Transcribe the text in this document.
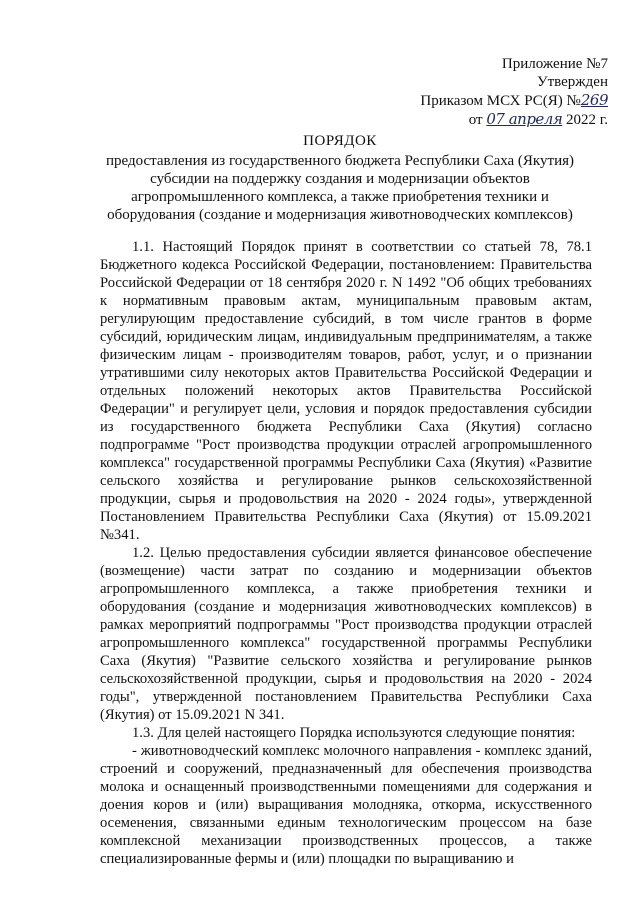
Приложение №7
Утвержден
Приказом МСХ РС(Я) №269
от 07 апреля 2022 г.
ПОРЯДОК
предоставления из государственного бюджета Республики Саха (Якутия) субсидии на поддержку создания и модернизации объектов агропромышленного комплекса, а также приобретения техники и оборудования (создание и модернизация животноводческих комплексов)

1.1. Настоящий Порядок принят в соответствии со статьей 78, 78.1 Бюджетного кодекса Российской Федерации, постановлением: Правительства Российской Федерации от 18 сентября 2020 г. N 1492 "Об общих требованиях к нормативным правовым актам, муниципальным правовым актам, регулирующим предоставление субсидий, в том числе грантов в форме субсидий, юридическим лицам, индивидуальным предпринимателям, а также физическим лицам - производителям товаров, работ, услуг, и о признании утратившими силу некоторых актов Правительства Российской Федерации и отдельных положений некоторых актов Правительства Российской Федерации" и регулирует цели, условия и порядок предоставления субсидии из государственного бюджета Республики Саха (Якутия) согласно подпрограмме "Рост производства продукции отраслей агропромышленного комплекса" государственной программы Республики Саха (Якутия) «Развитие сельского хозяйства и регулирование рынков сельскохозяйственной продукции, сырья и продовольствия на 2020 - 2024 годы», утвержденной Постановлением Правительства Республики Саха (Якутия) от 15.09.2021 №341.

1.2. Целью предоставления субсидии является финансовое обеспечение (возмещение) части затрат по созданию и модернизации объектов агропромышленного комплекса, а также приобретения техники и оборудования (создание и модернизация животноводческих комплексов) в рамках мероприятий подпрограммы "Рост производства продукции отраслей агропромышленного комплекса" государственной программы Республики Саха (Якутия) "Развитие сельского хозяйства и регулирование рынков сельскохозяйственной продукции, сырья и продовольствия на 2020 - 2024 годы", утвержденной постановлением Правительства Республики Саха (Якутия) от 15.09.2021 N 341.

1.3. Для целей настоящего Порядка используются следующие понятия:

- животноводческий комплекс молочного направления - комплекс зданий, строений и сооружений, предназначенный для обеспечения производства молока и оснащенный производственными помещениями для содержания и доения коров и (или) выращивания молодняка, откорма, искусственного осеменения, связанными единым технологическим процессом на базе комплексной механизации производственных процессов, а также специализированные фермы и (или) площадки по выращиванию и
